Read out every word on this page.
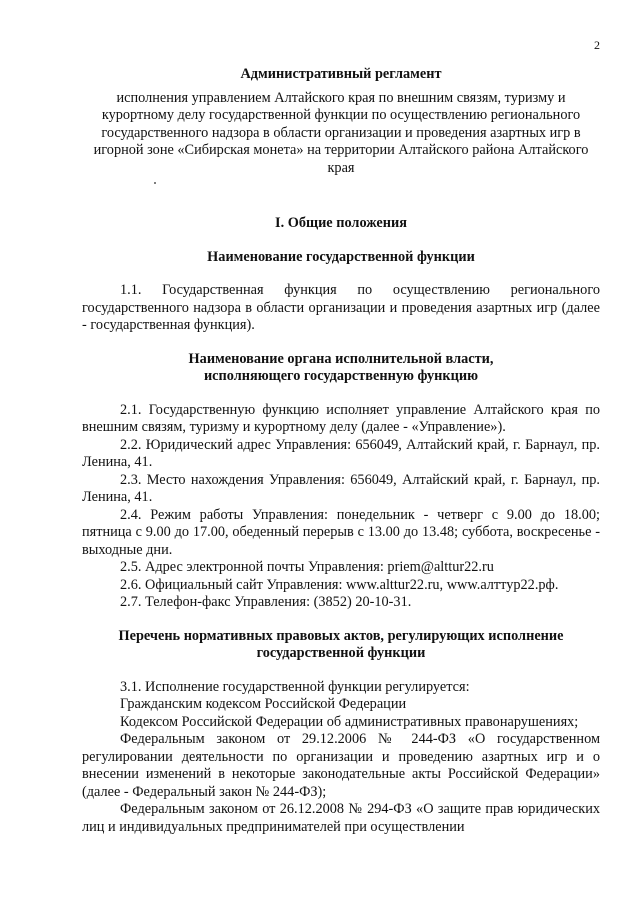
2
Административный регламент
исполнения управлением Алтайского края по внешним связям, туризму и курортному делу государственной функции по осуществлению регионального государственного надзора в области организации и проведения азартных игр в игорной зоне «Сибирская монета» на территории Алтайского района Алтайского края
I. Общие положения
Наименование государственной функции

1.1. Государственная функция по осуществлению регионального государственного надзора в области организации и проведения азартных игр (далее - государственная функция).

Наименование органа исполнительной власти,
исполняющего государственную функцию

2.1. Государственную функцию исполняет управление Алтайского края по внешним связям, туризму и курортному делу (далее - «Управление»).

2.2. Юридический адрес Управления: 656049, Алтайский край, г. Барнаул, пр. Ленина, 41.

2.3. Место нахождения Управления: 656049, Алтайский край, г. Барнаул, пр. Ленина, 41.

2.4. Режим работы Управления: понедельник - четверг с 9.00 до 18.00; пятница с 9.00 до 17.00, обеденный перерыв с 13.00 до 13.48; суббота, воскресенье - выходные дни.

2.5. Адрес электронной почты Управления: priem@alttur22.ru

2.6. Официальный сайт Управления: www.alttur22.ru, www.алттур22.рф.

2.7. Телефон-факс Управления: (3852) 20-10-31.

Перечень нормативных правовых актов, регулирующих исполнение
государственной функции

3.1. Исполнение государственной функции регулируется:

Гражданским кодексом Российской Федерации

Кодексом Российской Федерации об административных правонарушениях;

Федеральным законом от 29.12.2006 № 244-ФЗ «О государственном регулировании деятельности по организации и проведению азартных игр и о внесении изменений в некоторые законодательные акты Российской Федерации» (далее - Федеральный закон № 244-ФЗ);

Федеральным законом от 26.12.2008 № 294-ФЗ «О защите прав юридических лиц и индивидуальных предпринимателей при осуществлении
